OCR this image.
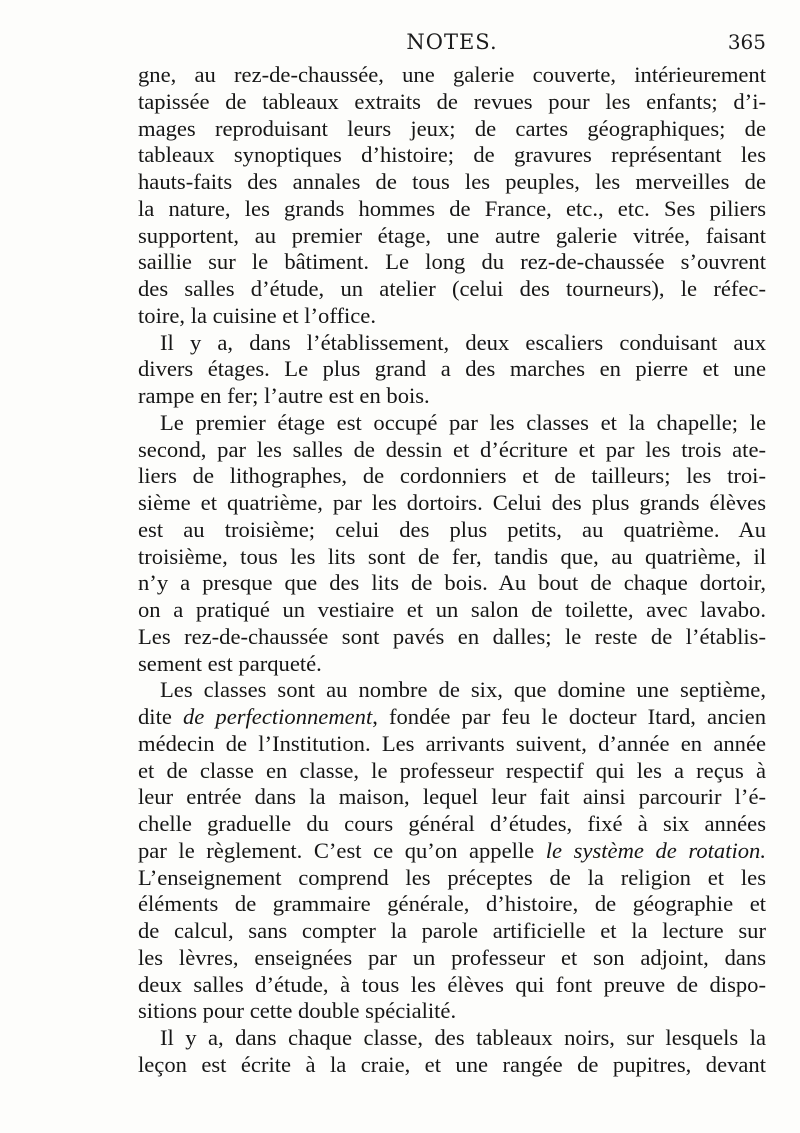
NOTES.	365
gne, au rez-de-chaussée, une galerie couverte, intérieurement
tapissée de tableaux extraits de revues pour les enfants; d’i-
mages reproduisant leurs jeux; de cartes géographiques; de
tableaux synoptiques d’histoire; de gravures représentant les
hauts-faits des annales de tous les peuples, les merveilles de
la nature, les grands hommes de France, etc., etc. Ses piliers
supportent, au premier étage, une autre galerie vitrée, faisant
saillie sur le bâtiment. Le long du rez-de-chaussée s’ouvrent
des salles d’étude, un atelier (celui des tourneurs), le réfec-
toire, la cuisine et l’office.
Il y a, dans l’établissement, deux escaliers conduisant aux
divers étages. Le plus grand a des marches en pierre et une
rampe en fer; l’autre est en bois.
Le premier étage est occupé par les classes et la chapelle; le
second, par les salles de dessin et d’écriture et par les trois ate-
liers de lithographes, de cordonniers et de tailleurs; les troi-
sième et quatrième, par les dortoirs. Celui des plus grands élèves
est au troisième; celui des plus petits, au quatrième. Au
troisième, tous les lits sont de fer, tandis que, au quatrième, il
n’y a presque que des lits de bois. Au bout de chaque dortoir,
on a pratiqué un vestiaire et un salon de toilette, avec lavabo.
Les rez-de-chaussée sont pavés en dalles; le reste de l’établis-
sement est parqueté.
Les classes sont au nombre de six, que domine une septième,
dite de perfectionnement, fondée par feu le docteur Itard, ancien
médecin de l’Institution. Les arrivants suivent, d’année en année
et de classe en classe, le professeur respectif qui les a reçus à
leur entrée dans la maison, lequel leur fait ainsi parcourir l’é-
chelle graduelle du cours général d’études, fixé à six années
par le règlement. C’est ce qu’on appelle le système de rotation.
L’enseignement comprend les préceptes de la religion et les
éléments de grammaire générale, d’histoire, de géographie et
de calcul, sans compter la parole artificielle et la lecture sur
les lèvres, enseignées par un professeur et son adjoint, dans
deux salles d’étude, à tous les élèves qui font preuve de dispo-
sitions pour cette double spécialité.
Il y a, dans chaque classe, des tableaux noirs, sur lesquels la
leçon est écrite à la craie, et une rangée de pupitres, devant
